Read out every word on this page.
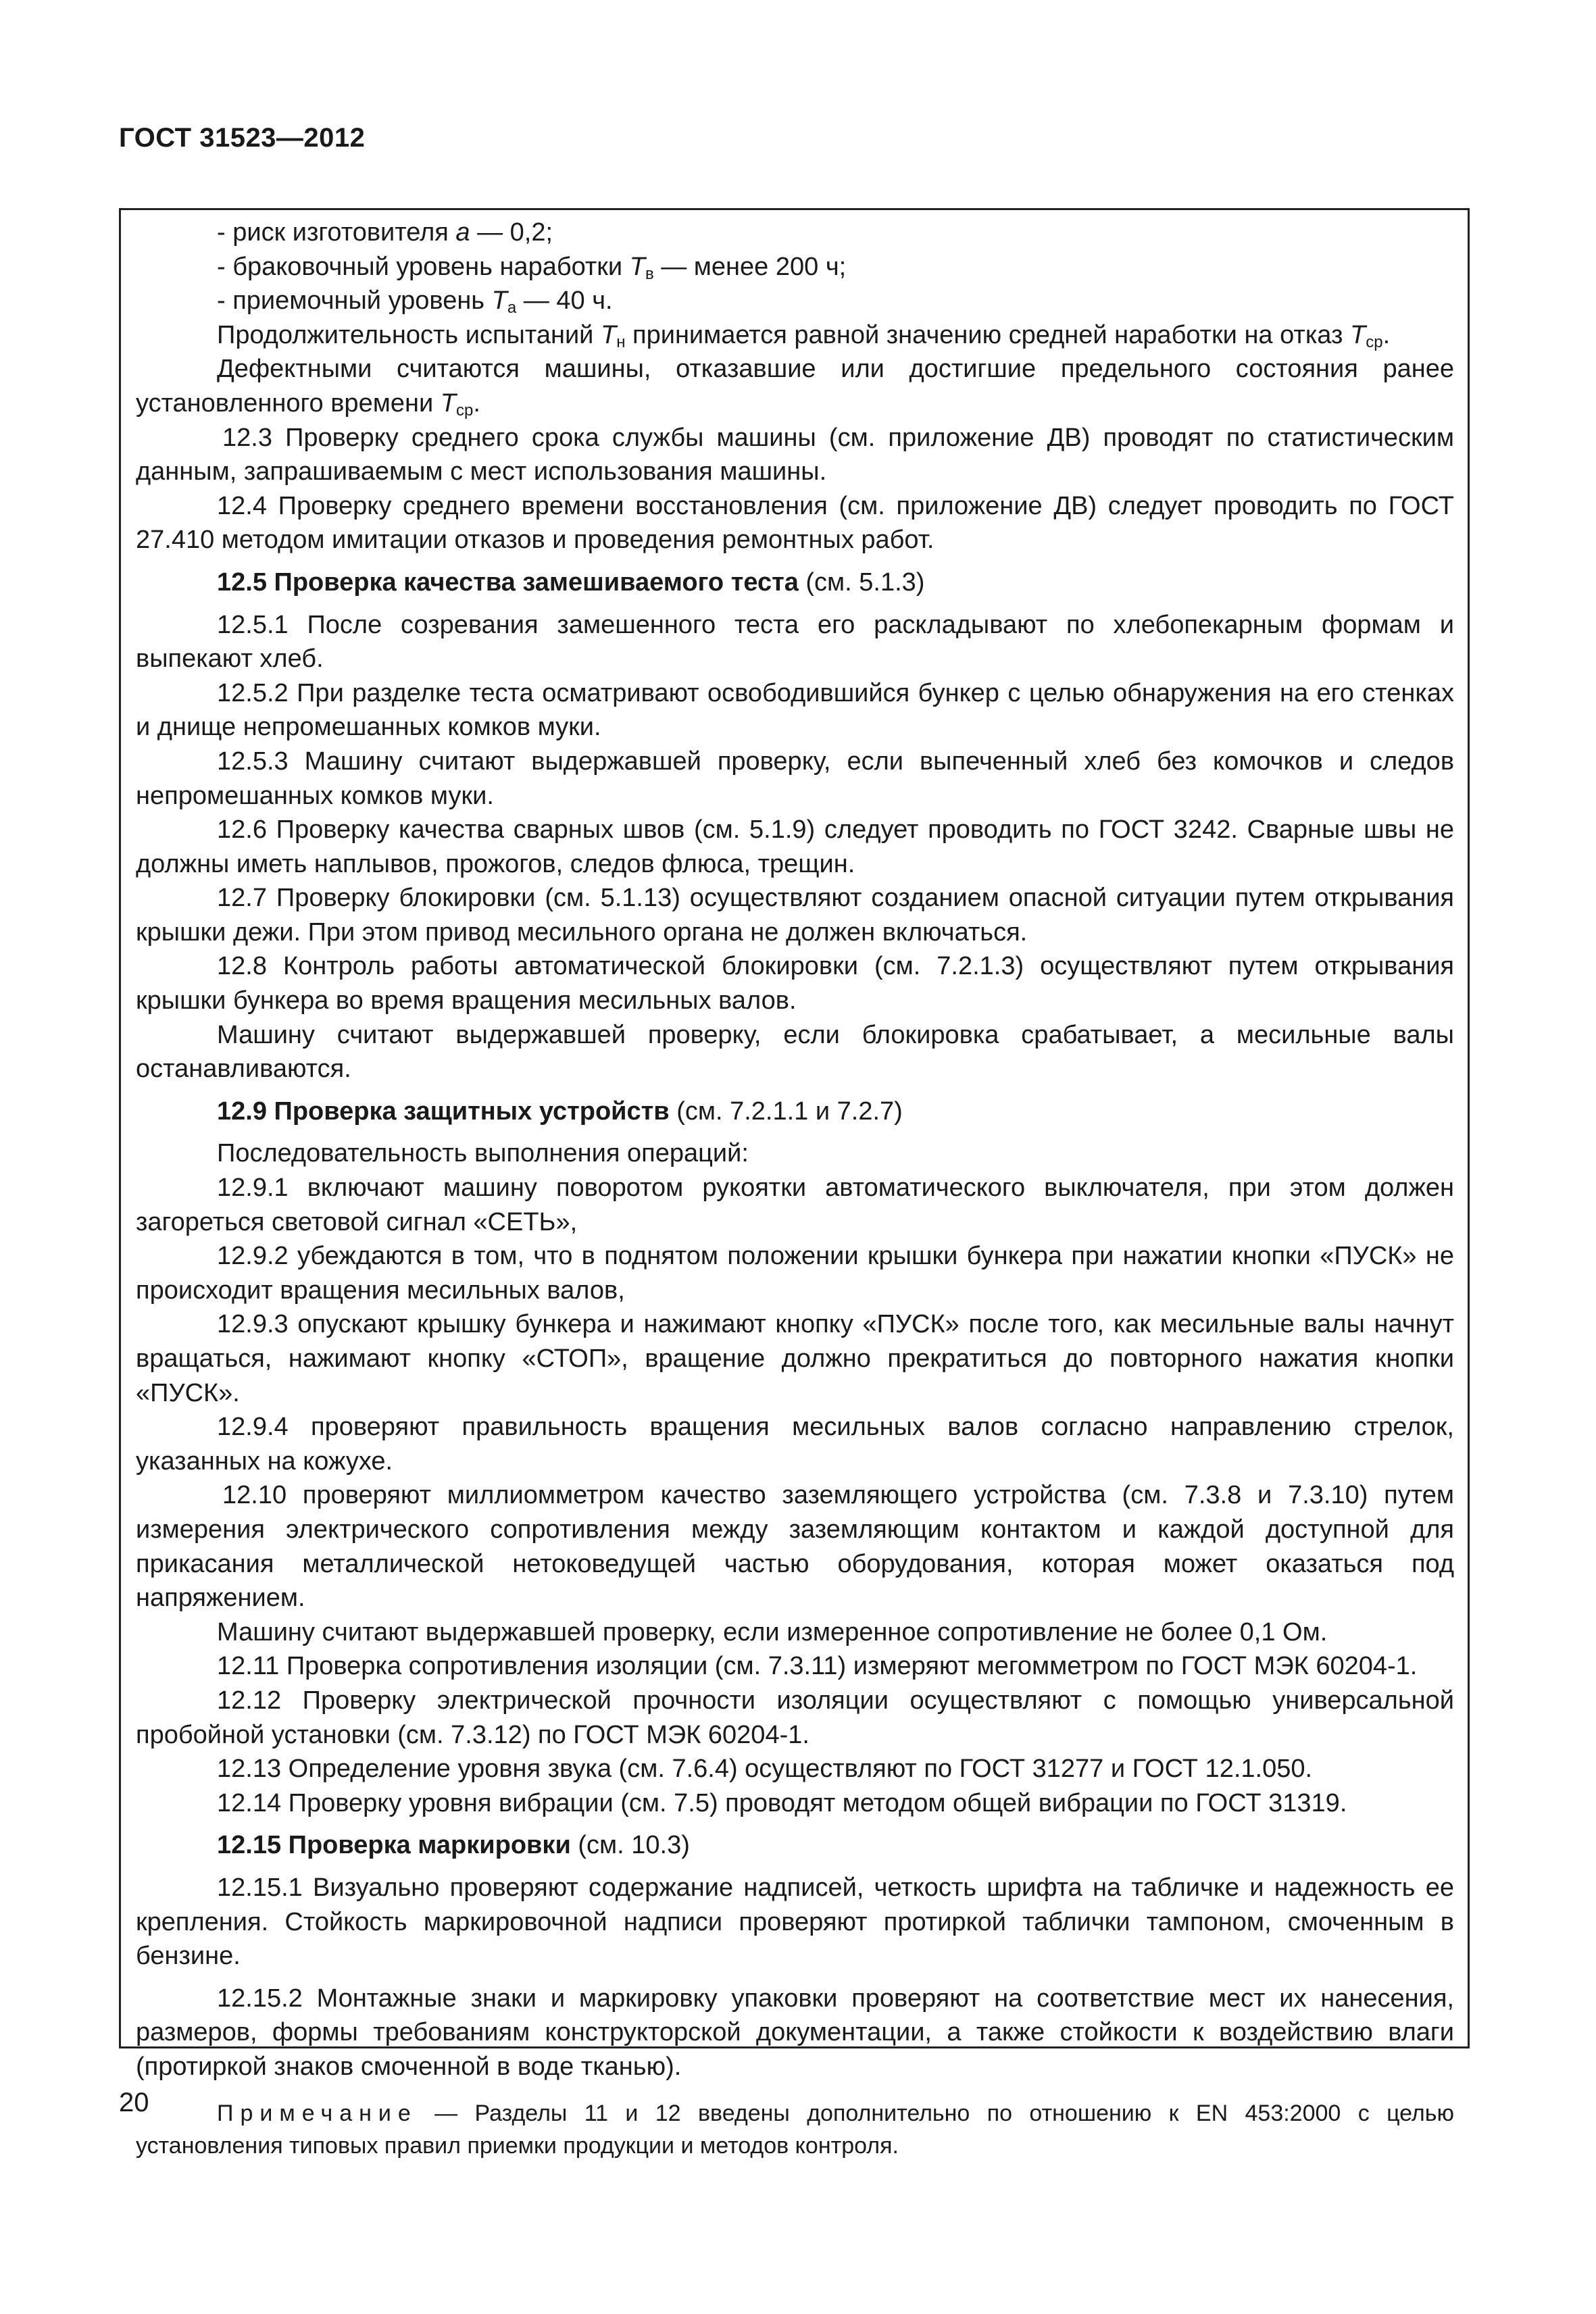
ГОСТ 31523—2012

- риск изготовителя a — 0,2;

- браковочный уровень наработки $T_в$ — менее 200 ч;

- приемочный уровень $T_а$ — 40 ч.

Продолжительность испытаний $T_н$ принимается равной значению средней наработки на отказ $T_{ср}$.

Дефектными считаются машины, отказавшие или достигшие предельного состояния ранее установленного времени $T_{ср}$.

12.3 Проверку среднего срока службы машины (см. приложение ДВ) проводят по статистическим данным, запрашиваемым с мест использования машины.

12.4 Проверку среднего времени восстановления (см. приложение ДВ) следует проводить по ГОСТ 27.410 методом имитации отказов и проведения ремонтных работ.

12.5 Проверка качества замешиваемого теста (см. 5.1.3)

12.5.1 После созревания замешенного теста его раскладывают по хлебопекарным формам и выпекают хлеб.

12.5.2 При разделке теста осматривают освободившийся бункер с целью обнаружения на его стенках и днище непромешанных комков муки.

12.5.3 Машину считают выдержавшей проверку, если выпеченный хлеб без комочков и следов непромешанных комков муки.

12.6 Проверку качества сварных швов (см. 5.1.9) следует проводить по ГОСТ 3242. Сварные швы не должны иметь наплывов, прожогов, следов флюса, трещин.

12.7 Проверку блокировки (см. 5.1.13) осуществляют созданием опасной ситуации путем открывания крышки дежи. При этом привод месильного органа не должен включаться.

12.8 Контроль работы автоматической блокировки (см. 7.2.1.3) осуществляют путем открывания крышки бункера во время вращения месильных валов.

Машину считают выдержавшей проверку, если блокировка срабатывает, а месильные валы останавливаются.

12.9 Проверка защитных устройств (см. 7.2.1.1 и 7.2.7)

Последовательность выполнения операций:

12.9.1 включают машину поворотом рукоятки автоматического выключателя, при этом должен загореться световой сигнал «СЕТЬ»,

12.9.2 убеждаются в том, что в поднятом положении крышки бункера при нажатии кнопки «ПУСК» не происходит вращения месильных валов,

12.9.3 опускают крышку бункера и нажимают кнопку «ПУСК» после того, как месильные валы начнут вращаться, нажимают кнопку «СТОП», вращение должно прекратиться до повторного нажатия кнопки «ПУСК».

12.9.4 проверяют правильность вращения месильных валов согласно направлению стрелок, указанных на кожухе.

12.10 проверяют миллиомметром качество заземляющего устройства (см. 7.3.8 и 7.3.10) путем измерения электрического сопротивления между заземляющим контактом и каждой доступной для прикасания металлической нетоковедущей частью оборудования, которая может оказаться под напряжением.

Машину считают выдержавшей проверку, если измеренное сопротивление не более 0,1 Ом.

12.11 Проверка сопротивления изоляции (см. 7.3.11) измеряют мегомметром по ГОСТ МЭК 60204-1.

12.12 Проверку электрической прочности изоляции осуществляют с помощью универсальной пробойной установки (см. 7.3.12) по ГОСТ МЭК 60204-1.

12.13 Определение уровня звука (см. 7.6.4) осуществляют по ГОСТ 31277 и ГОСТ 12.1.050.

12.14 Проверку уровня вибрации (см. 7.5) проводят методом общей вибрации по ГОСТ 31319.

12.15 Проверка маркировки (см. 10.3)

12.15.1 Визуально проверяют содержание надписей, четкость шрифта на табличке и надежность ее крепления. Стойкость маркировочной надписи проверяют протиркой таблички тампоном, смоченным в бензине.

12.15.2 Монтажные знаки и маркировку упаковки проверяют на соответствие мест их нанесения, размеров, формы требованиям конструкторской документации, а также стойкости к воздействию влаги (протиркой знаков смоченной в воде тканью).

Примечание — Разделы 11 и 12 введены дополнительно по отношению к EN 453:2000 с целью установления типовых правил приемки продукции и методов контроля.

20
